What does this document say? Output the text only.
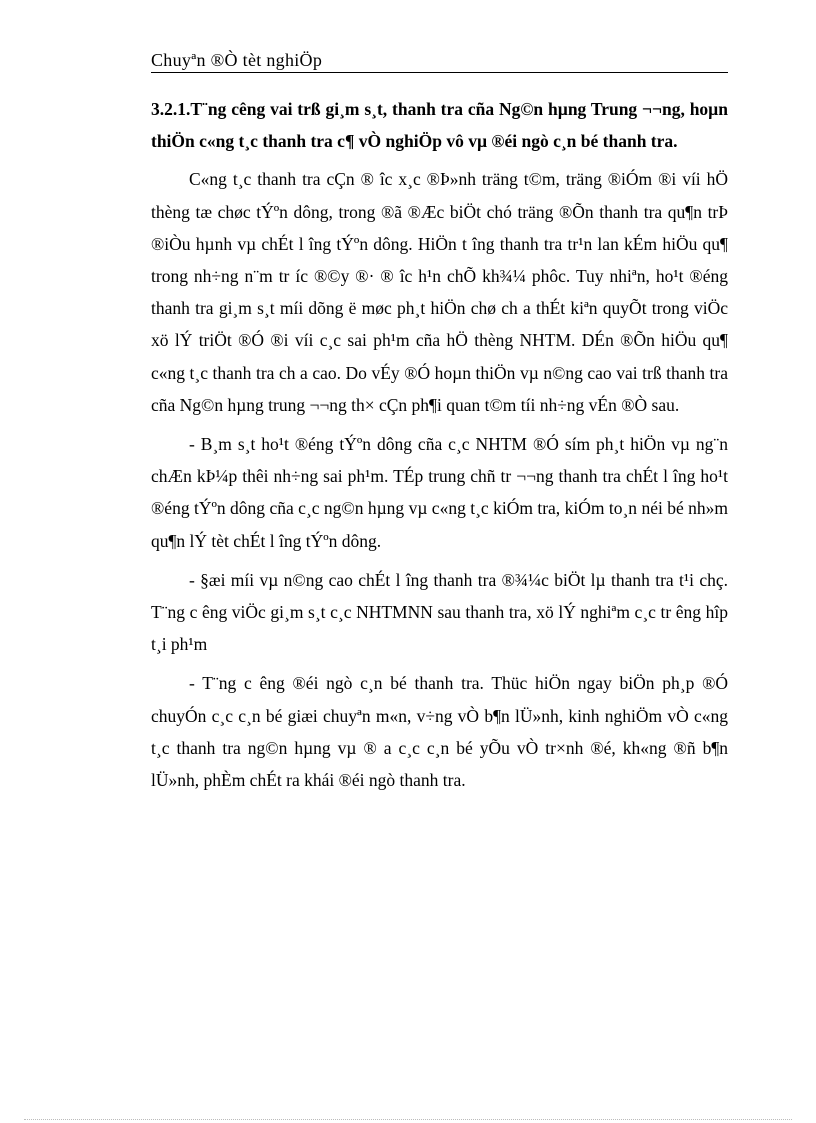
Chuyªn ®Ò tèt nghiÖp
3.2.1.T¨ng cêng vai trß gi¸m s¸t, thanh tra cña Ng©n hµng Trung ¬¬ng, hoµn thiÖn c«ng t¸c thanh tra c¶ vÒ nghiÖp vô vµ ®éi ngò c¸n bé thanh tra.

C«ng t¸c thanh tra cÇn ® îc x¸c ®Þ»nh träng t©m, träng ®iÓm ®i víi hÖ thèng tæ chøc tÝºn dông, trong ®ã ®Æc biÖt chó träng ®Õn thanh tra qu¶n trÞ ®iÒu hµnh vµ chÉt l îng tÝºn dông. HiÖn t îng thanh tra tr¹n lan kÉm hiÖu qu¶ trong nh÷ng n¨m tr íc ®©y ®· ® îc h¹n chÕ kh¾¼ phôc. Tuy nhiªn, ho¹t ®éng thanh tra gi¸m s¸t míi dõng ë møc ph¸t hiÖn chø ch a thÉt kiªn quyÕt trong viÖc xö lÝ triÖt ®Ó ®i víi c¸c sai ph¹m cña hÖ thèng NHTM. DÉn ®Õn hiÖu qu¶ c«ng t¸c thanh tra ch a cao. Do vÉy ®Ó hoµn thiÖn vµ n©ng cao vai trß thanh tra cña Ng©n hµng trung ¬¬ng th× cÇn ph¶i quan t©m tíi nh÷ng vÉn ®Ò sau.

- B¸m s¸t ho¹t ®éng tÝºn dông cña c¸c NHTM ®Ó sím ph¸t hiÖn vµ ng¨n chÆn kÞ¼p thêi nh÷ng sai ph¹m. TÉp trung chñ tr ¬¬ng thanh tra chÉt l îng ho¹t ®éng tÝºn dông cña c¸c ng©n hµng vµ c«ng t¸c kiÓm tra, kiÓm to¸n néi bé nh»m qu¶n lÝ tèt chÉt l îng tÝºn dông.

- §æi míi vµ n©ng cao chÉt l îng thanh tra ®¾¼c biÖt lµ thanh tra t¹i chç. T¨ng c êng viÖc gi¸m s¸t c¸c NHTMNN sau thanh tra, xö lÝ nghiªm c¸c tr êng hîp t¸i ph¹m

- T¨ng c êng ®éi ngò c¸n bé thanh tra. Thüc hiÖn ngay biÖn ph¸p ®Ó chuyÓn c¸c c¸n bé giæi chuyªn m«n, v÷ng vÒ b¶n lÜ»nh, kinh nghiÖm vÒ c«ng t¸c thanh tra ng©n hµng vµ ® a c¸c c¸n bé yÕu vÒ tr×nh ®é, kh«ng ®ñ b¶n lÜ»nh, phÈm chÉt ra khái ®éi ngò thanh tra.
